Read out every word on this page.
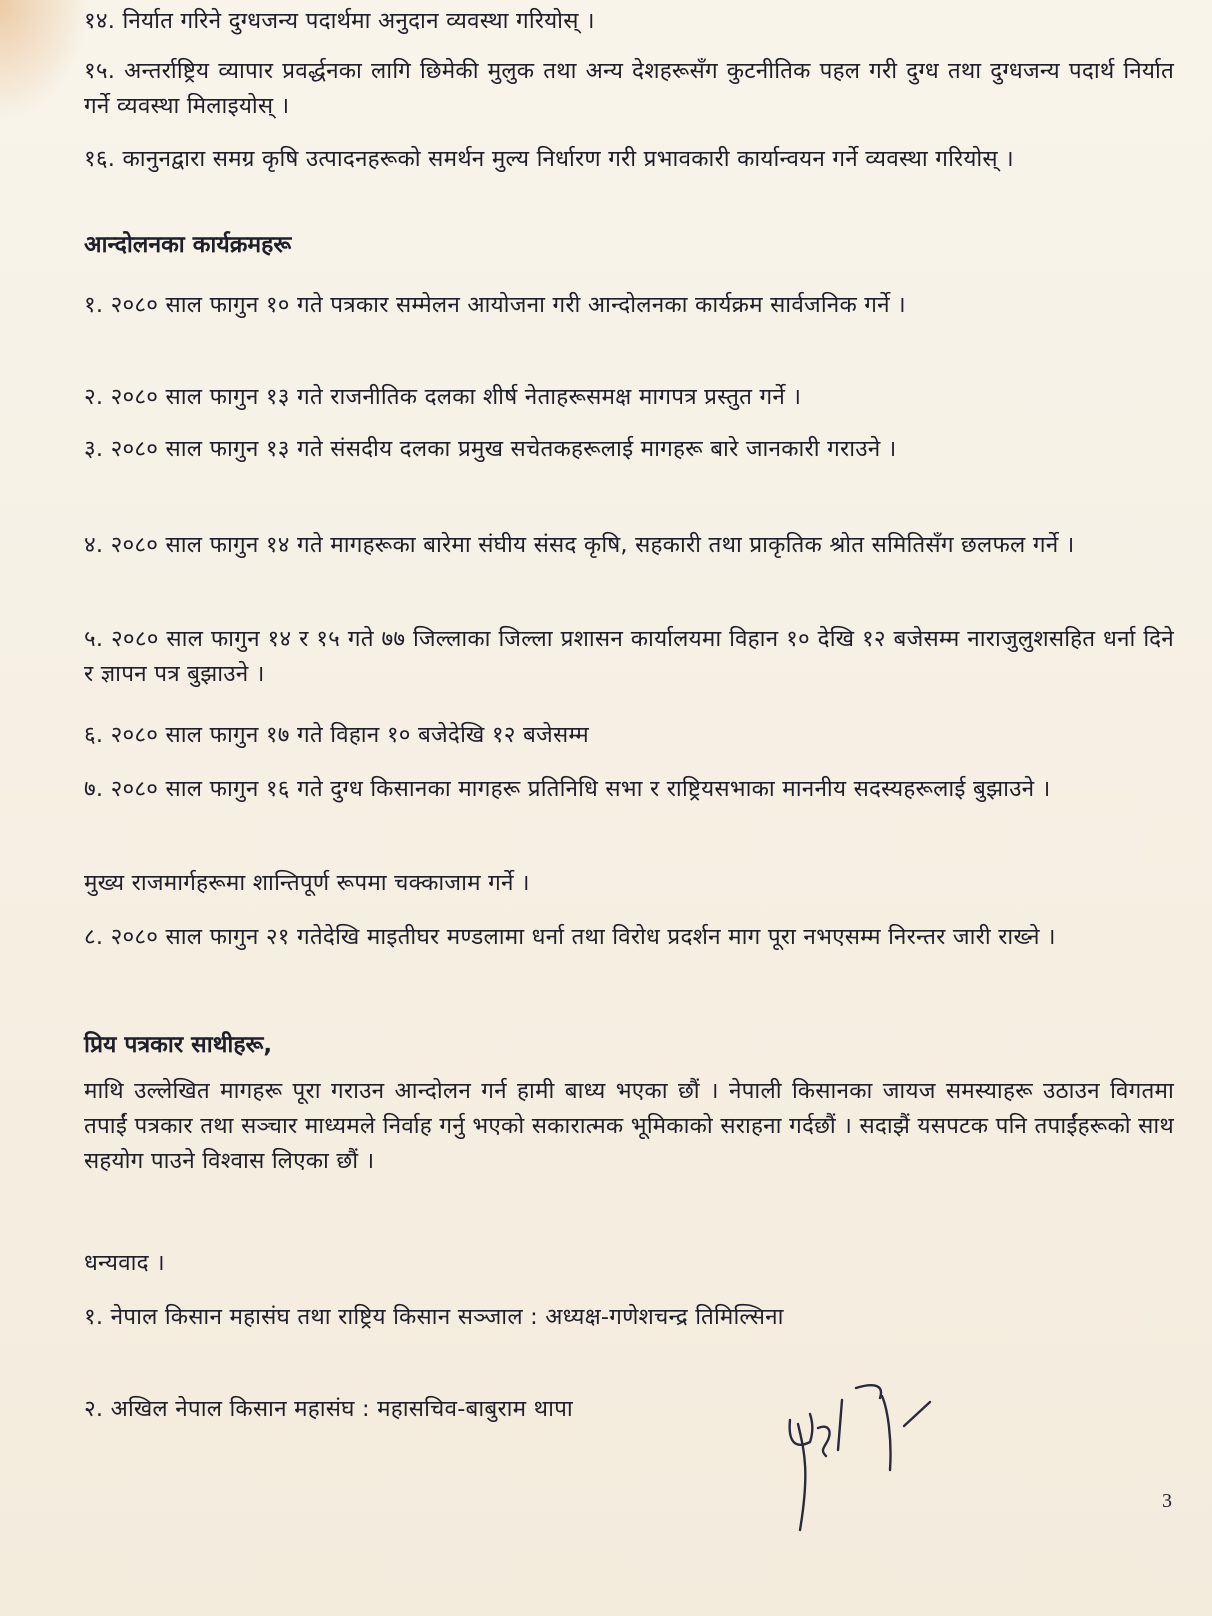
१४. निर्यात गरिने दुग्धजन्य पदार्थमा अनुदान व्यवस्था गरियोस् ।

१५. अन्तर्राष्ट्रिय व्यापार प्रवर्द्धनका लागि छिमेकी मुलुक तथा अन्य देशहरूसँग कुटनीतिक पहल गरी दुग्ध तथा दुग्धजन्य पदार्थ निर्यात गर्ने व्यवस्था मिलाइयोस् ।

१६. कानुनद्वारा समग्र कृषि उत्पादनहरूको समर्थन मुल्य निर्धारण गरी प्रभावकारी कार्यान्वयन गर्ने व्यवस्था गरियोस् ।

आन्दोलनका कार्यक्रमहरू

१. २०८० साल फागुन १० गते पत्रकार सम्मेलन आयोजना गरी आन्दोलनका कार्यक्रम सार्वजनिक गर्ने ।

२. २०८० साल फागुन १३ गते राजनीतिक दलका शीर्ष नेताहरूसमक्ष मागपत्र प्रस्तुत गर्ने ।

३. २०८० साल फागुन १३ गते संसदीय दलका प्रमुख सचेतकहरूलाई मागहरू बारे जानकारी गराउने ।

४. २०८० साल फागुन १४ गते मागहरूका बारेमा संघीय संसद कृषि, सहकारी तथा प्राकृतिक श्रोत समितिसँग छलफल गर्ने ।

५. २०८० साल फागुन १४ र १५ गते ७७ जिल्लाका जिल्ला प्रशासन कार्यालयमा विहान १० देखि १२ बजेसम्म नाराजुलुशसहित धर्ना दिने र ज्ञापन पत्र बुझाउने ।

६. २०८० साल फागुन १७ गते विहान १० बजेदेखि १२ बजेसम्म

७. २०८० साल फागुन १६ गते दुग्ध किसानका मागहरू प्रतिनिधि सभा र राष्ट्रियसभाका माननीय सदस्यहरूलाई बुझाउने ।

मुख्य राजमार्गहरूमा शान्तिपूर्ण रूपमा चक्काजाम गर्ने ।

८. २०८० साल फागुन २१ गतेदेखि माइतीघर मण्डलामा धर्ना तथा विरोध प्रदर्शन माग पूरा नभएसम्म निरन्तर जारी राख्ने ।

प्रिय पत्रकार साथीहरू,

माथि उल्लेखित मागहरू पूरा गराउन आन्दोलन गर्न हामी बाध्य भएका छौं । नेपाली किसानका जायज समस्याहरू उठाउन विगतमा तपाईं पत्रकार तथा सञ्चार माध्यमले निर्वाह गर्नु भएको सकारात्मक भूमिकाको सराहना गर्दछौं । सदाझैं यसपटक पनि तपाईंहरूको साथ सहयोग पाउने विश्वास लिएका छौं ।

धन्यवाद ।

१. नेपाल किसान महासंघ तथा राष्ट्रिय किसान सञ्जाल : अध्यक्ष-गणेशचन्द्र तिमिल्सिना

२. अखिल नेपाल किसान महासंघ : महासचिव-बाबुराम थापा

3
